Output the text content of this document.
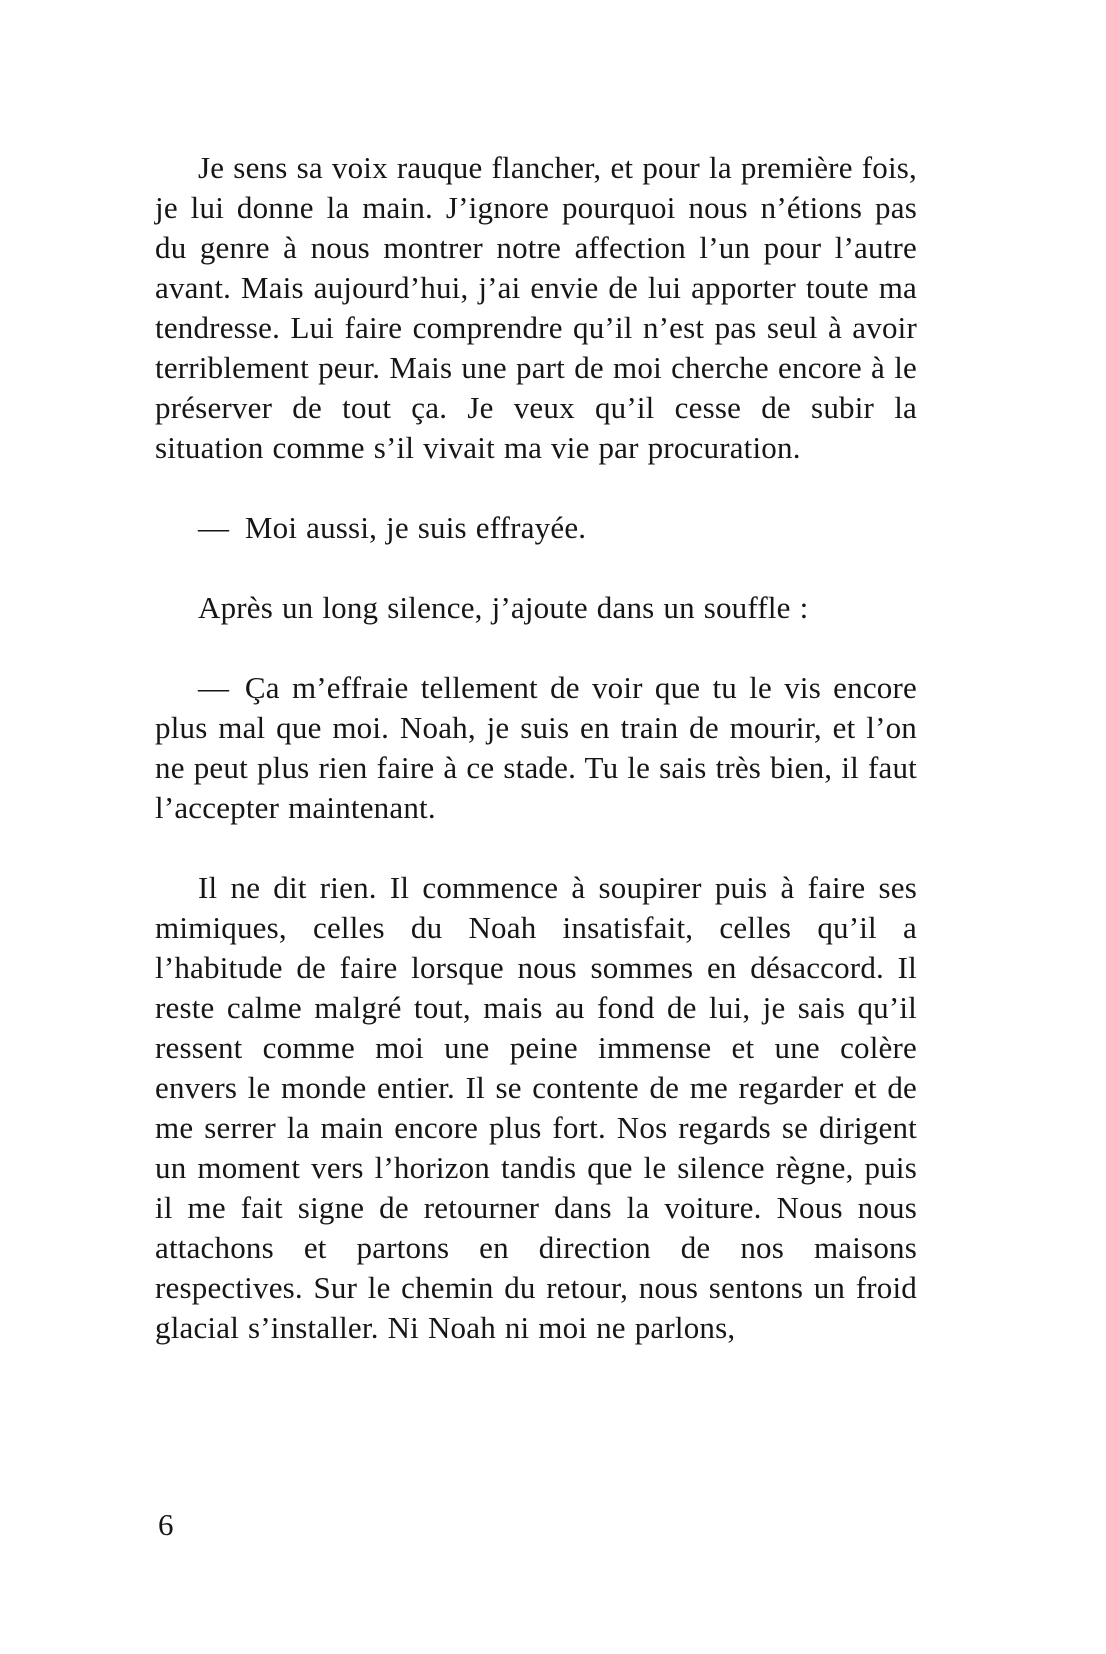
Je sens sa voix rauque flancher, et pour la première fois, je lui donne la main. J’ignore pourquoi nous n’étions pas du genre à nous montrer notre affection l’un pour l’autre avant. Mais aujourd’hui, j’ai envie de lui apporter toute ma tendresse. Lui faire comprendre qu’il n’est pas seul à avoir terriblement peur. Mais une part de moi cherche encore à le préserver de tout ça. Je veux qu’il cesse de subir la situation comme s’il vivait ma vie par procuration.

— Moi aussi, je suis effrayée.

Après un long silence, j’ajoute dans un souffle :

— Ça m’effraie tellement de voir que tu le vis encore plus mal que moi. Noah, je suis en train de mourir, et l’on ne peut plus rien faire à ce stade. Tu le sais très bien, il faut l’accepter maintenant.

Il ne dit rien. Il commence à soupirer puis à faire ses mimiques, celles du Noah insatisfait, celles qu’il a l’habitude de faire lorsque nous sommes en désaccord. Il reste calme malgré tout, mais au fond de lui, je sais qu’il ressent comme moi une peine immense et une colère envers le monde entier. Il se contente de me regarder et de me serrer la main encore plus fort. Nos regards se dirigent un moment vers l’horizon tandis que le silence règne, puis il me fait signe de retourner dans la voiture. Nous nous attachons et partons en direction de nos maisons respectives. Sur le chemin du retour, nous sentons un froid glacial s’installer. Ni Noah ni moi ne parlons,

6
